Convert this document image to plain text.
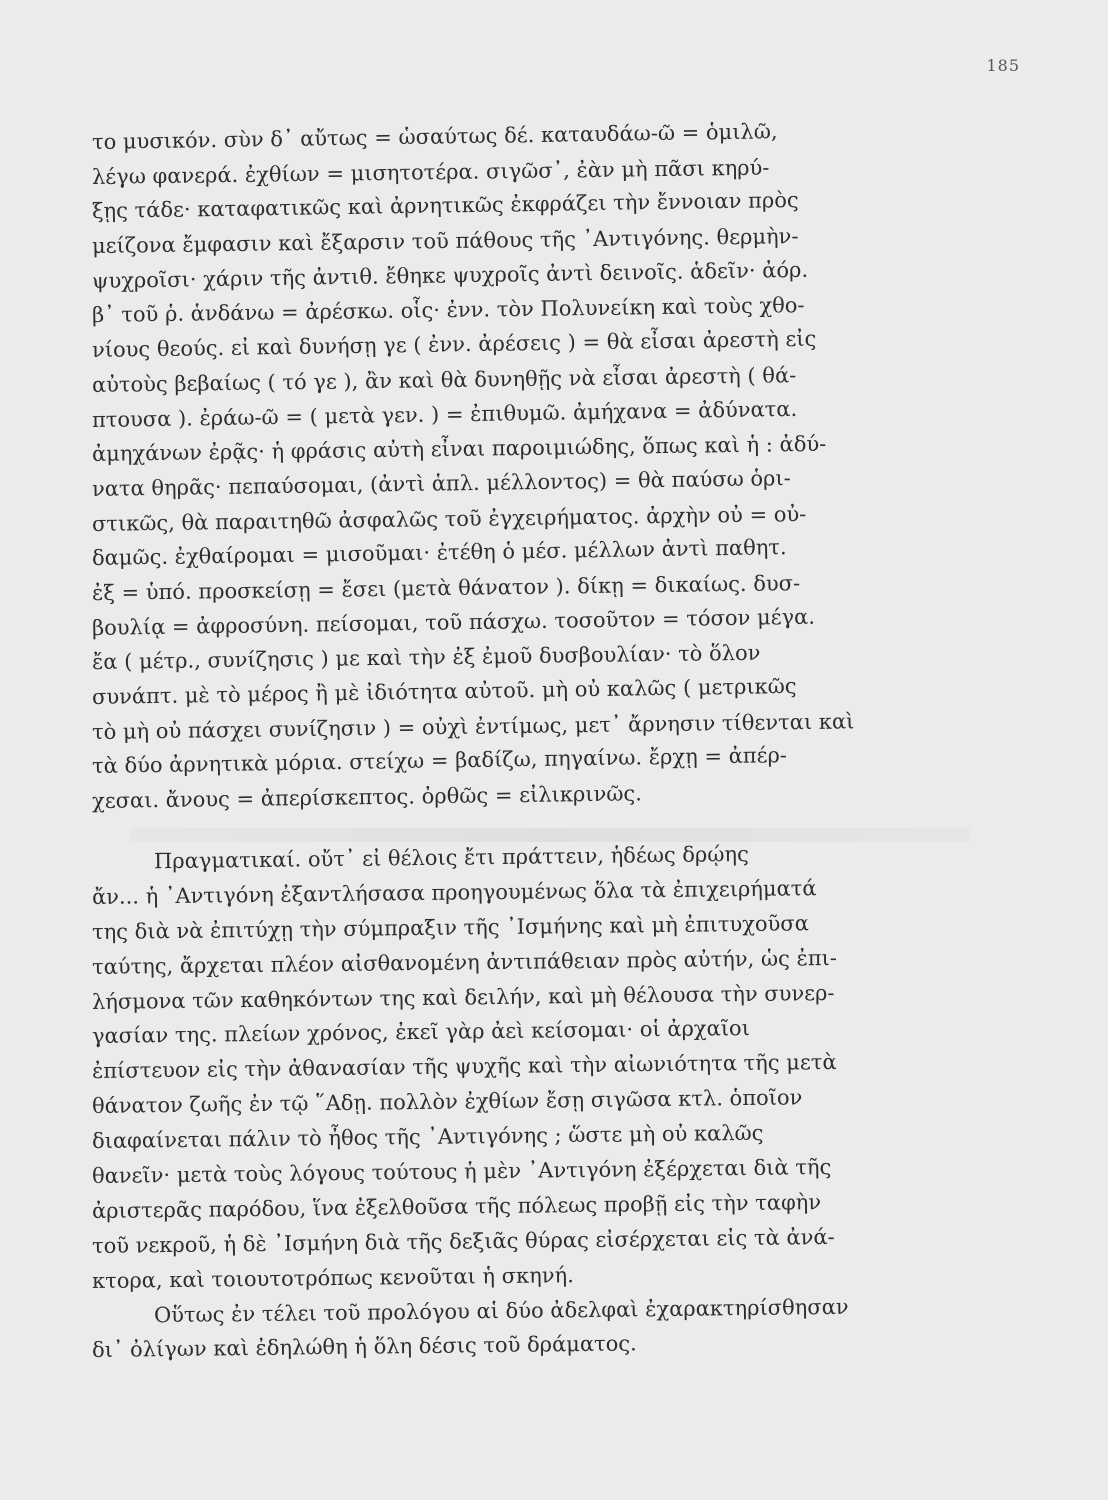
185
το μυσικόν. σὺν δ᾽ αὔτως = ὡσαύτως δέ. καταυδάω-ῶ = ὁμιλῶ,
λέγω φανερά. ἐχθίων = μισητοτέρα. σιγῶσ᾽, ἐὰν μὴ πᾶσι κηρύ-
ξῃς τάδε· καταφατικῶς καὶ ἀρνητικῶς ἐκφράζει τὴν ἔννοιαν πρὸς
μείζονα ἔμφασιν καὶ ἔξαρσιν τοῦ πάθους τῆς ᾽Αντιγόνης. θερμὴν-
ψυχροῖσι· χάριν τῆς ἀντιθ. ἔθηκε ψυχροῖς ἀντὶ δεινοῖς. ἁδεῖν· ἀόρ.
β᾽ τοῦ ῥ. ἁνδάνω = ἀρέσκω. οἷς· ἐνν. τὸν Πολυνείκη καὶ τοὺς χθο-
νίους θεούς. εἰ καὶ δυνήσῃ γε ( ἐνν. ἀρέσεις ) = θὰ εἶσαι ἀρεστὴ εἰς
αὐτοὺς βεβαίως ( τό γε ), ἂν καὶ θὰ δυνηθῇς νὰ εἶσαι ἀρεστὴ ( θά-
πτουσα ). ἐράω-ῶ = ( μετὰ γεν. ) = ἐπιθυμῶ. ἀμήχανα = ἀδύνατα.
ἀμηχάνων ἐρᾷς· ἡ φράσις αὐτὴ εἶναι παροιμιώδης, ὅπως καὶ ἡ : ἀδύ-
νατα θηρᾶς· πεπαύσομαι, (ἀντὶ ἁπλ. μέλλοντος) = θὰ παύσω ὁρι-
στικῶς, θὰ παραιτηθῶ ἀσφαλῶς τοῦ ἐγχειρήματος. ἀρχὴν οὐ = οὐ-
δαμῶς. ἐχθαίρομαι = μισοῦμαι· ἐτέθη ὁ μέσ. μέλλων ἀντὶ παθητ.
ἐξ = ὑπό. προσκείσῃ = ἔσει (μετὰ θάνατον ). δίκῃ = δικαίως. δυσ-
βουλίᾳ = ἀφροσύνη. πείσομαι, τοῦ πάσχω. τοσοῦτον = τόσον μέγα.
ἔα ( μέτρ., συνίζησις ) με καὶ τὴν ἐξ ἐμοῦ δυσβουλίαν· τὸ ὅλον
συνάπτ. μὲ τὸ μέρος ἢ μὲ ἰδιότητα αὐτοῦ. μὴ οὐ καλῶς ( μετρικῶς
τὸ μὴ οὐ πάσχει συνίζησιν ) = οὐχὶ ἐντίμως, μετ᾽ ἄρνησιν τίθενται καὶ
τὰ δύο ἀρνητικὰ μόρια. στείχω = βαδίζω, πηγαίνω. ἔρχῃ = ἀπέρ-
χεσαι. ἄνους = ἀπερίσκεπτος. ὀρθῶς = εἰλικρινῶς.
Πραγματικαί. οὔτ᾽ εἰ θέλοις ἔτι πράττειν, ἡδέως δρῴης
ἄν... ἡ ᾽Αντιγόνη ἐξαντλήσασα προηγουμένως ὅλα τὰ ἐπιχειρήματά
της διὰ νὰ ἐπιτύχῃ τὴν σύμπραξιν τῆς ᾽Ισμήνης καὶ μὴ ἐπιτυχοῦσα
ταύτης, ἄρχεται πλέον αἰσθανομένη ἀντιπάθειαν πρὸς αὐτήν, ὡς ἐπι-
λήσμονα τῶν καθηκόντων της καὶ δειλήν, καὶ μὴ θέλουσα τὴν συνερ-
γασίαν της. πλείων χρόνος, ἐκεῖ γὰρ ἀεὶ κείσομαι· οἱ ἀρχαῖοι
ἐπίστευον εἰς τὴν ἀθανασίαν τῆς ψυχῆς καὶ τὴν αἰωνιότητα τῆς μετὰ
θάνατον ζωῆς ἐν τῷ ῞Αδῃ. πολλὸν ἐχθίων ἔσῃ σιγῶσα κτλ. ὁποῖον
διαφαίνεται πάλιν τὸ ἦθος τῆς ᾽Αντιγόνης ; ὥστε μὴ οὐ καλῶς
θανεῖν· μετὰ τοὺς λόγους τούτους ἡ μὲν ᾽Αντιγόνη ἐξέρχεται διὰ τῆς
ἀριστερᾶς παρόδου, ἵνα ἐξελθοῦσα τῆς πόλεως προβῇ εἰς τὴν ταφὴν
τοῦ νεκροῦ, ἡ δὲ ᾽Ισμήνη διὰ τῆς δεξιᾶς θύρας εἰσέρχεται εἰς τὰ ἀνά-
κτορα, καὶ τοιουτοτρόπως κενοῦται ἡ σκηνή.
Οὕτως ἐν τέλει τοῦ προλόγου αἱ δύο ἀδελφαὶ ἐχαρακτηρίσθησαν
δι᾽ ὀλίγων καὶ ἐδηλώθη ἡ ὅλη δέσις τοῦ δράματος.
